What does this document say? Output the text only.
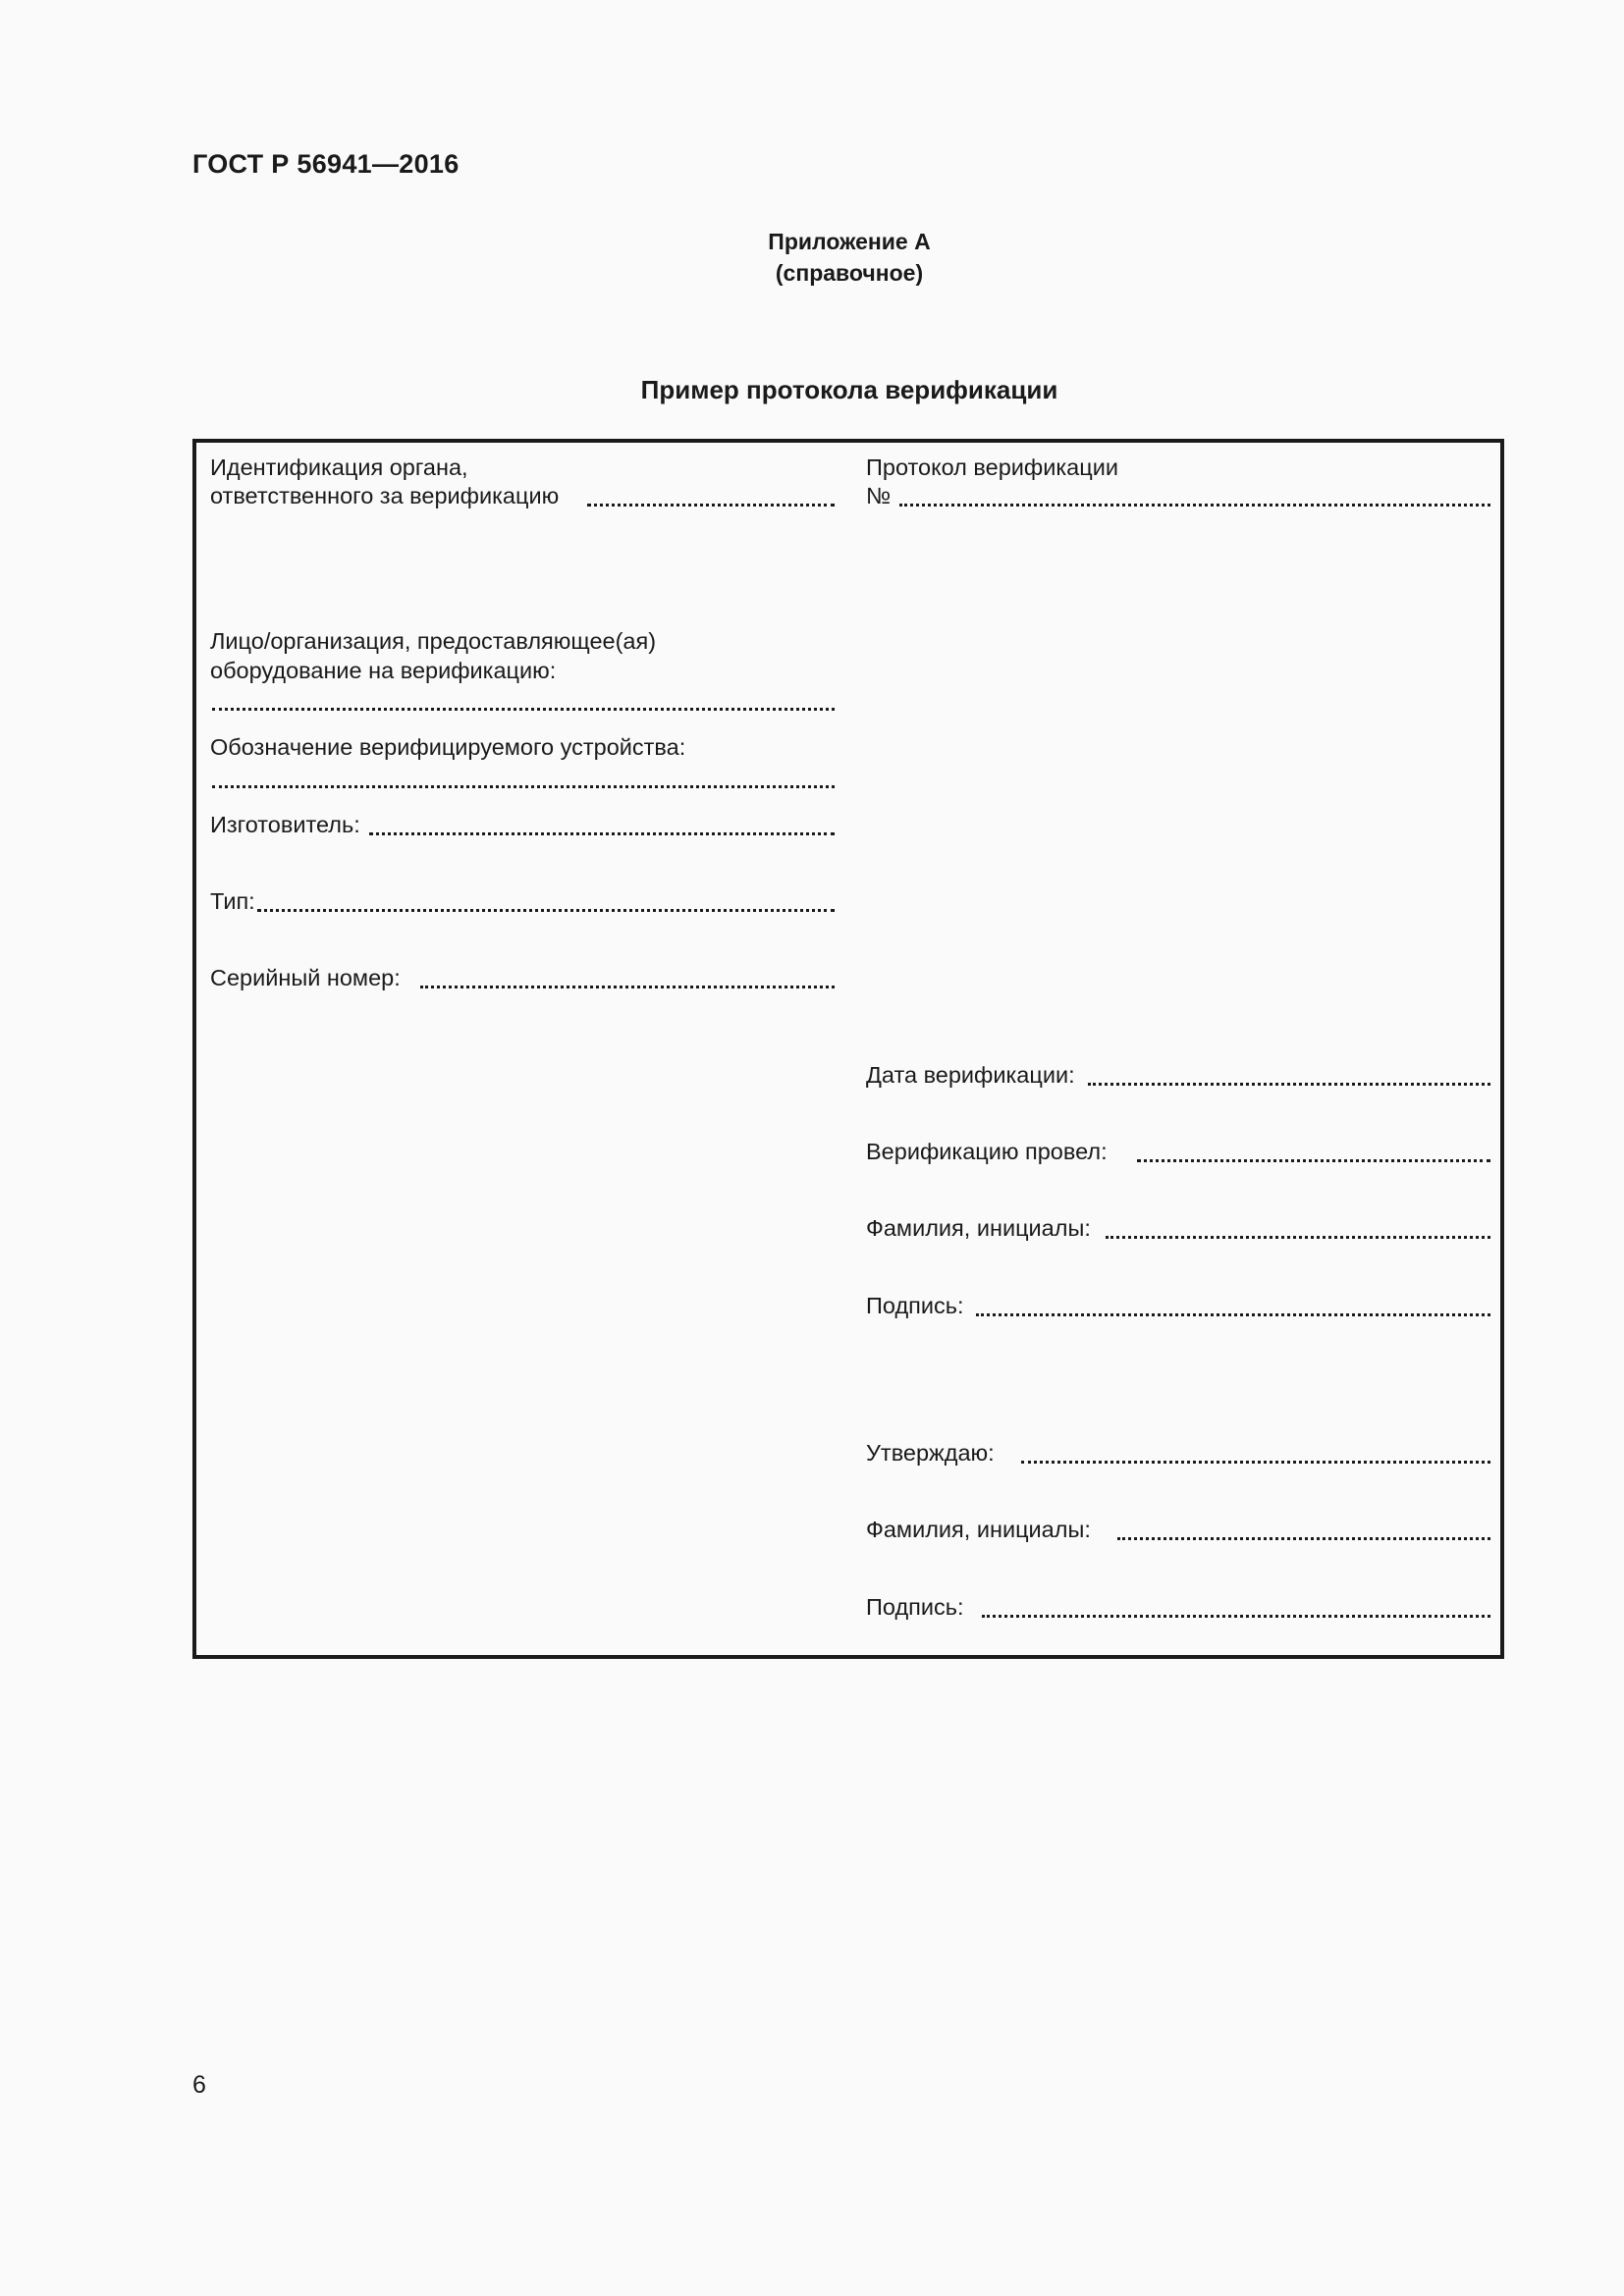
ГОСТ Р 56941—2016
Приложение А
(справочное)
Пример протокола верификации
Идентификация органа,
ответственного за верификацию
Лицо/организация, предоставляющее(ая)
оборудование на верификацию:
Обозначение верифицируемого устройства:
Изготовитель:
Тип:
Серийный номер:
Протокол верификации
№
Дата верификации:
Верификацию провел:
Фамилия, инициалы:
Подпись:
Утверждаю:
Фамилия, инициалы:
Подпись:
6
